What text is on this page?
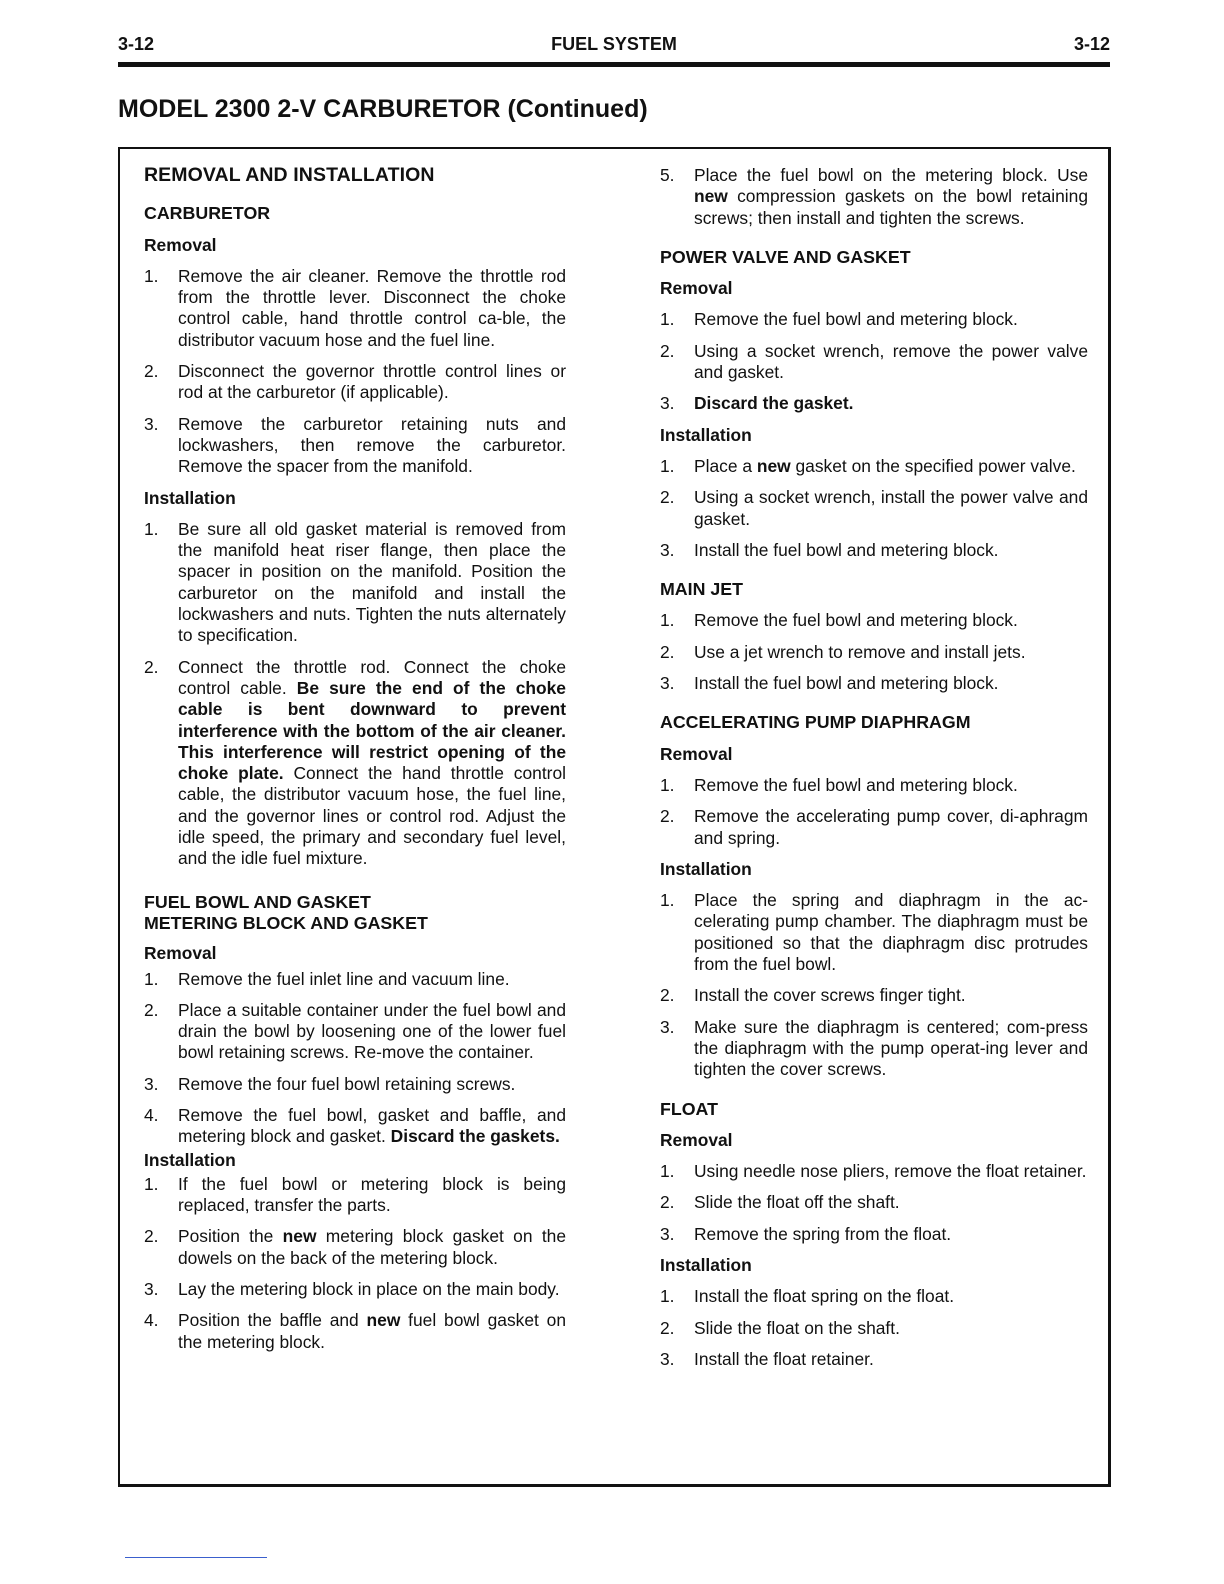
3-12	FUEL SYSTEM	3-12
MODEL 2300 2-V CARBURETOR (Continued)
REMOVAL AND INSTALLATION
CARBURETOR
Removal
1. Remove the air cleaner. Remove the throttle rod from the throttle lever. Disconnect the choke control cable, hand throttle control ca-ble, the distributor vacuum hose and the fuel line.
2. Disconnect the governor throttle control lines or rod at the carburetor (if applicable).
3. Remove the carburetor retaining nuts and lockwashers, then remove the carburetor. Remove the spacer from the manifold.
Installation
1. Be sure all old gasket material is removed from the manifold heat riser flange, then place the spacer in position on the manifold. Position the carburetor on the manifold and install the lockwashers and nuts. Tighten the nuts alternately to specification.
2. Connect the throttle rod. Connect the choke control cable. Be sure the end of the choke cable is bent downward to prevent interference with the bottom of the air cleaner. This interference will restrict opening of the choke plate. Connect the hand throttle control cable, the distributor vacuum hose, the fuel line, and the governor lines or control rod. Adjust the idle speed, the primary and secondary fuel level, and the idle fuel mixture.
FUEL BOWL AND GASKET
METERING BLOCK AND GASKET
Removal
1. Remove the fuel inlet line and vacuum line.
2. Place a suitable container under the fuel bowl and drain the bowl by loosening one of the lower fuel bowl retaining screws. Re-move the container.
3. Remove the four fuel bowl retaining screws.
4. Remove the fuel bowl, gasket and baffle, and metering block and gasket. Discard the gaskets.
Installation
1. If the fuel bowl or metering block is being replaced, transfer the parts.
2. Position the new metering block gasket on the dowels on the back of the metering block.
3. Lay the metering block in place on the main body.
4. Position the baffle and new fuel bowl gasket on the metering block.
5. Place the fuel bowl on the metering block. Use new compression gaskets on the bowl retaining screws; then install and tighten the screws.
POWER VALVE AND GASKET
Removal
1. Remove the fuel bowl and metering block.
2. Using a socket wrench, remove the power valve and gasket.
3. Discard the gasket.
Installation
1. Place a new gasket on the specified power valve.
2. Using a socket wrench, install the power valve and gasket.
3. Install the fuel bowl and metering block.
MAIN JET
1. Remove the fuel bowl and metering block.
2. Use a jet wrench to remove and install jets.
3. Install the fuel bowl and metering block.
ACCELERATING PUMP DIAPHRAGM
Removal
1. Remove the fuel bowl and metering block.
2. Remove the accelerating pump cover, di-aphragm and spring.
Installation
1. Place the spring and diaphragm in the ac-celerating pump chamber. The diaphragm must be positioned so that the diaphragm disc protrudes from the fuel bowl.
2. Install the cover screws finger tight.
3. Make sure the diaphragm is centered; com-press the diaphragm with the pump operat-ing lever and tighten the cover screws.
FLOAT
Removal
1. Using needle nose pliers, remove the float retainer.
2. Slide the float off the shaft.
3. Remove the spring from the float.
Installation
1. Install the float spring on the float.
2. Slide the float on the shaft.
3. Install the float retainer.
